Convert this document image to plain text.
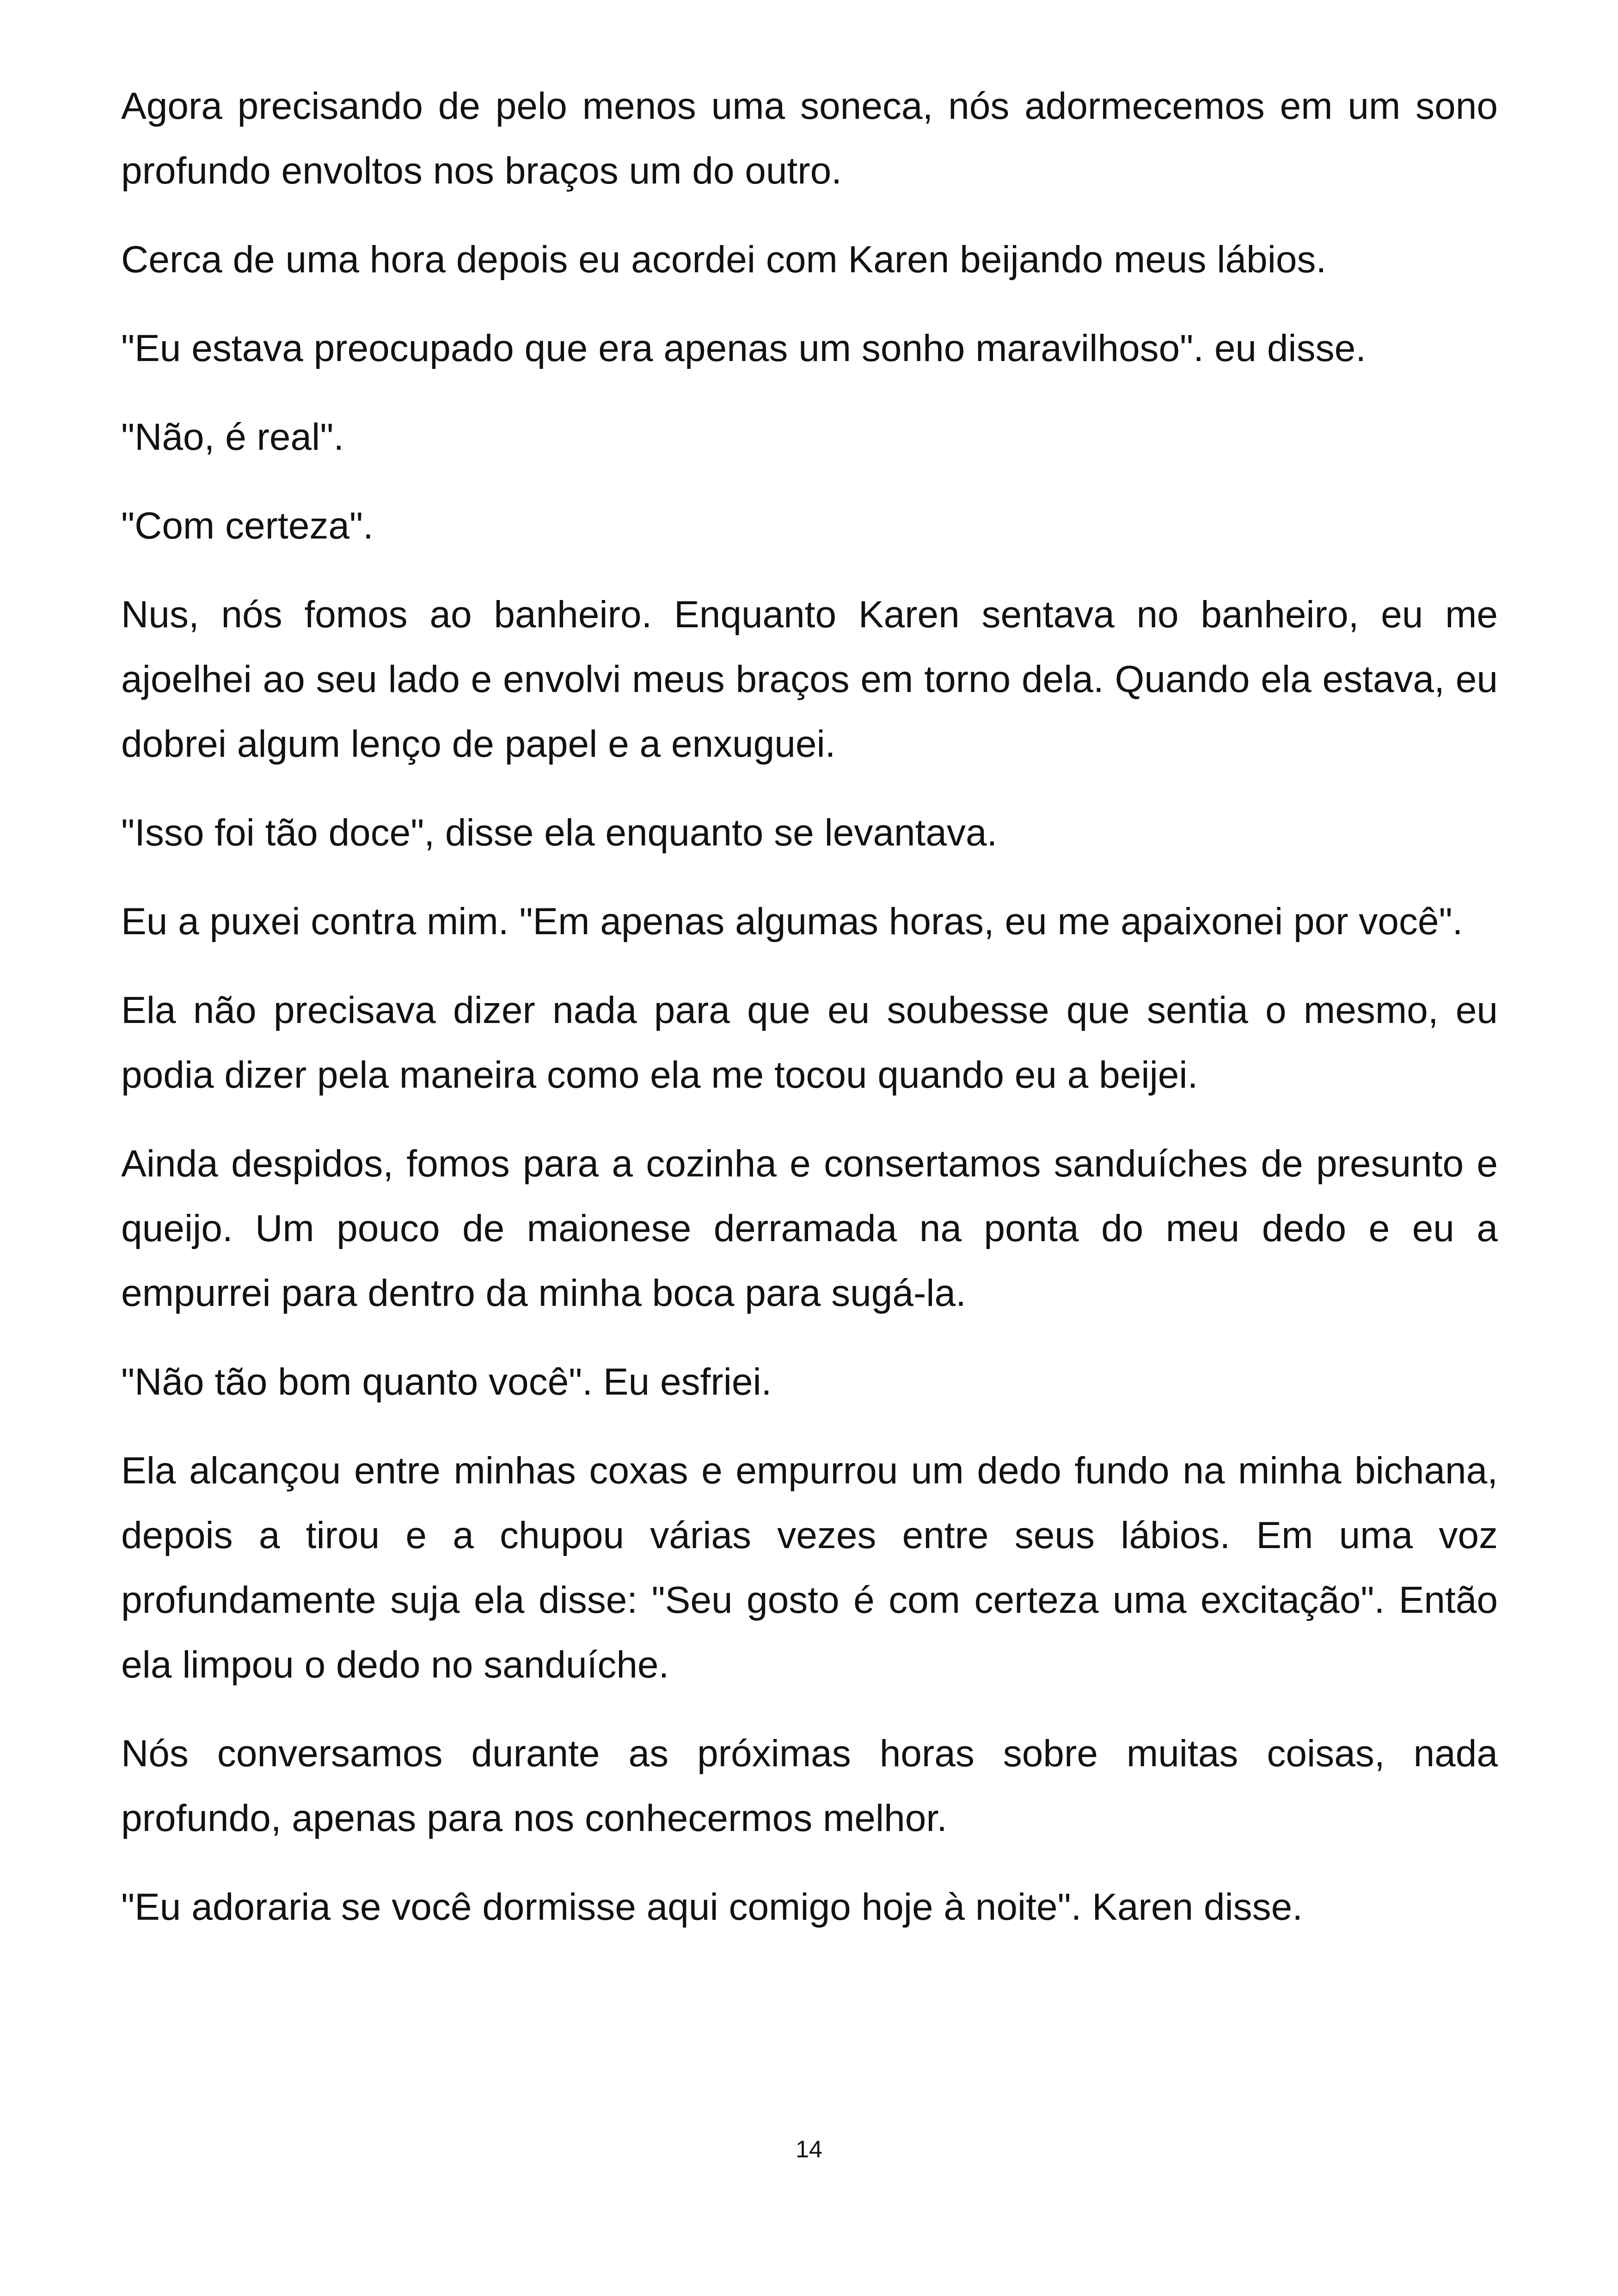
Agora precisando de pelo menos uma soneca, nós adormecemos em um sono profundo envoltos nos braços um do outro.

Cerca de uma hora depois eu acordei com Karen beijando meus lábios.

"Eu estava preocupado que era apenas um sonho maravilhoso". eu disse.

"Não, é real".

"Com certeza".

Nus, nós fomos ao banheiro. Enquanto Karen sentava no banheiro, eu me ajoelhei ao seu lado e envolvi meus braços em torno dela. Quando ela estava, eu dobrei algum lenço de papel e a enxuguei.

"Isso foi tão doce", disse ela enquanto se levantava.

Eu a puxei contra mim. "Em apenas algumas horas, eu me apaixonei por você".

Ela não precisava dizer nada para que eu soubesse que sentia o mesmo, eu podia dizer pela maneira como ela me tocou quando eu a beijei.

Ainda despidos, fomos para a cozinha e consertamos sanduíches de presunto e queijo. Um pouco de maionese derramada na ponta do meu dedo e eu a empurrei para dentro da minha boca para sugá-la.

"Não tão bom quanto você". Eu esfriei.

Ela alcançou entre minhas coxas e empurrou um dedo fundo na minha bichana, depois a tirou e a chupou várias vezes entre seus lábios. Em uma voz profundamente suja ela disse: "Seu gosto é com certeza uma excitação". Então ela limpou o dedo no sanduíche.

Nós conversamos durante as próximas horas sobre muitas coisas, nada profundo, apenas para nos conhecermos melhor.

"Eu adoraria se você dormisse aqui comigo hoje à noite". Karen disse.

14
